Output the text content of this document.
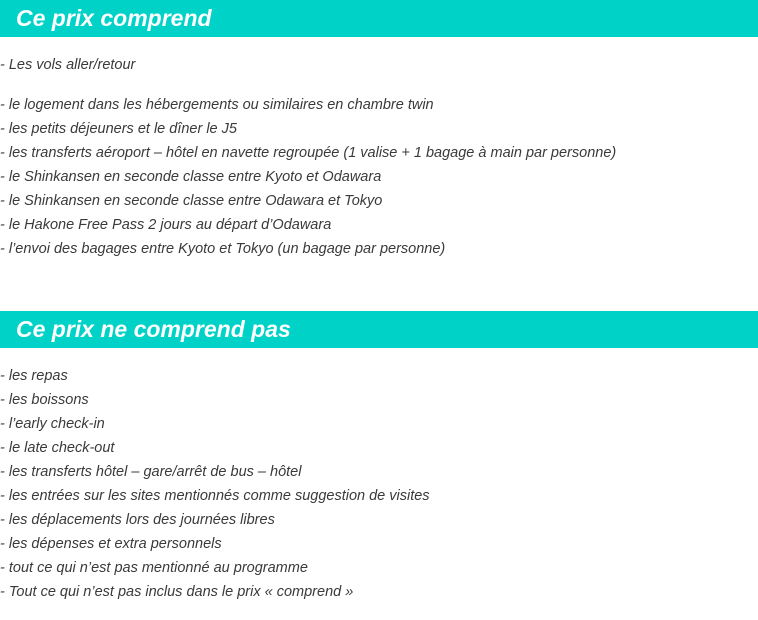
Ce prix comprend
- Les vols aller/retour
- le logement dans les hébergements ou similaires en chambre twin
- les petits déjeuners et le dîner le J5
- les transferts aéroport – hôtel en navette regroupée (1 valise + 1 bagage à main par personne)
- le Shinkansen en seconde classe entre Kyoto et Odawara
- le Shinkansen en seconde classe entre Odawara et Tokyo
- le Hakone Free Pass 2 jours au départ d’Odawara
- l’envoi des bagages entre Kyoto et Tokyo (un bagage par personne)
Ce prix ne comprend pas
- les repas
- les boissons
- l’early check-in
- le late check-out
- les transferts hôtel – gare/arrêt de bus – hôtel
- les entrées sur les sites mentionnés comme suggestion de visites
- les déplacements lors des journées libres
- les dépenses et extra personnels
- tout ce qui n’est pas mentionné au programme
- Tout ce qui n’est pas inclus dans le prix « comprend »
